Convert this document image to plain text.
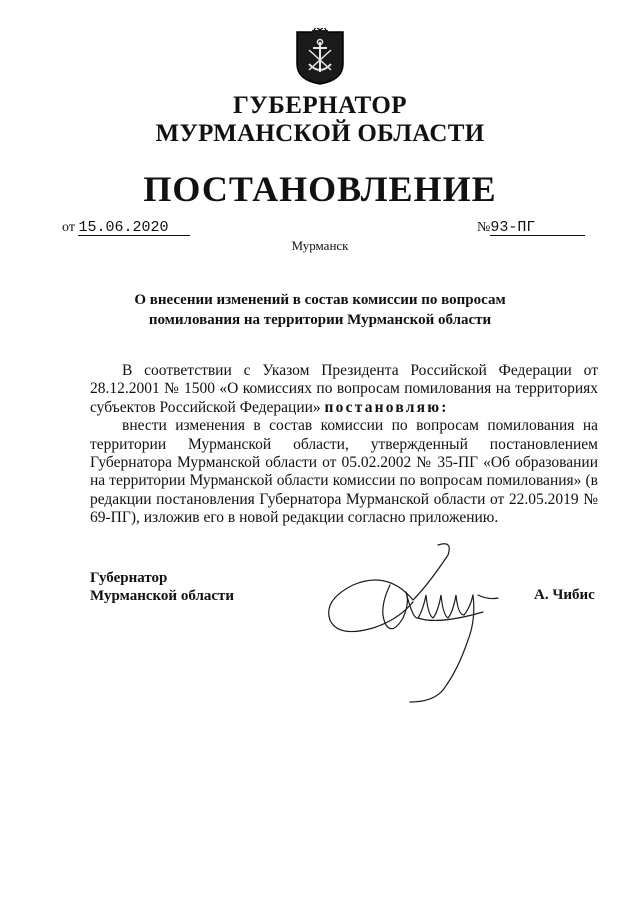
ГУБЕРНАТОР
МУРМАНСКОЙ ОБЛАСТИ
ПОСТАНОВЛЕНИЕ
от 15.06.2020	№93-ПГ
Мурманск
О внесении изменений в состав комиссии по вопросам
помилования на территории Мурманской области

В соответствии с Указом Президента Российской Федерации от 28.12.2001 № 1500 «О комиссиях по вопросам помилования на территориях субъектов Российской Федерации» постановляю:

внести изменения в состав комиссии по вопросам помилования на территории Мурманской области, утвержденный постановлением Губернатора Мурманской области от 05.02.2002 № 35-ПГ «Об образовании на территории Мурманской области комиссии по вопросам помилования» (в редакции постановления Губернатора Мурманской области от 22.05.2019 № 69-ПГ), изложив его в новой редакции согласно приложению.

Губернатор
Мурманской области	А. Чибис
